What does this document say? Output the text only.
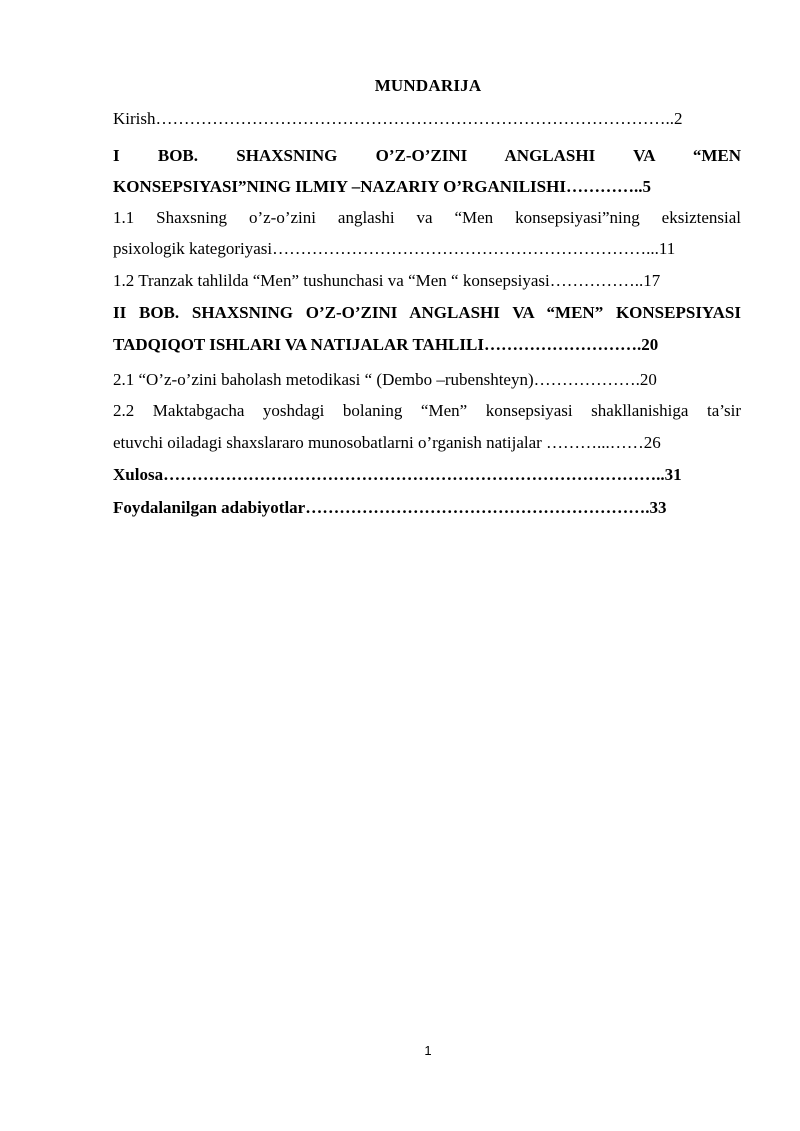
MUNDARIJA
Kirish………………………………………………………………………………..2
I BOB. SHAXSNING O’Z-O’ZINI ANGLASHI VA “MEN
KONSEPSIYASI”NING ILMIY –NAZARIY O’RGANILISHI…………..5
1.1 Shaxsning o’z-o’zini anglashi va “Men konsepsiyasi”ning eksiztensial
psixologik kategoriyasi…………………………………………………………...11
1.2 Tranzak tahlilda “Men” tushunchasi va “Men “ konsepsiyasi……………..17
II BOB. SHAXSNING O’Z-O’ZINI ANGLASHI VA “MEN” KONSEPSIYASI
TADQIQOT ISHLARI VA NATIJALAR TAHLILI……………………….20
2.1 “O’z-o’zini baholash metodikasi “ (Dembo –rubenshteyn)……………….20
2.2 Maktabgacha yoshdagi bolaning “Men” konsepsiyasi shakllanishiga ta’sir
etuvchi oiladagi shaxslararo munosobatlarni o’rganish natijalar ………...……26
Xulosa……………………………………………………………………………..31
Foydalanilgan adabiyotlar…………………………………………………….33
1
